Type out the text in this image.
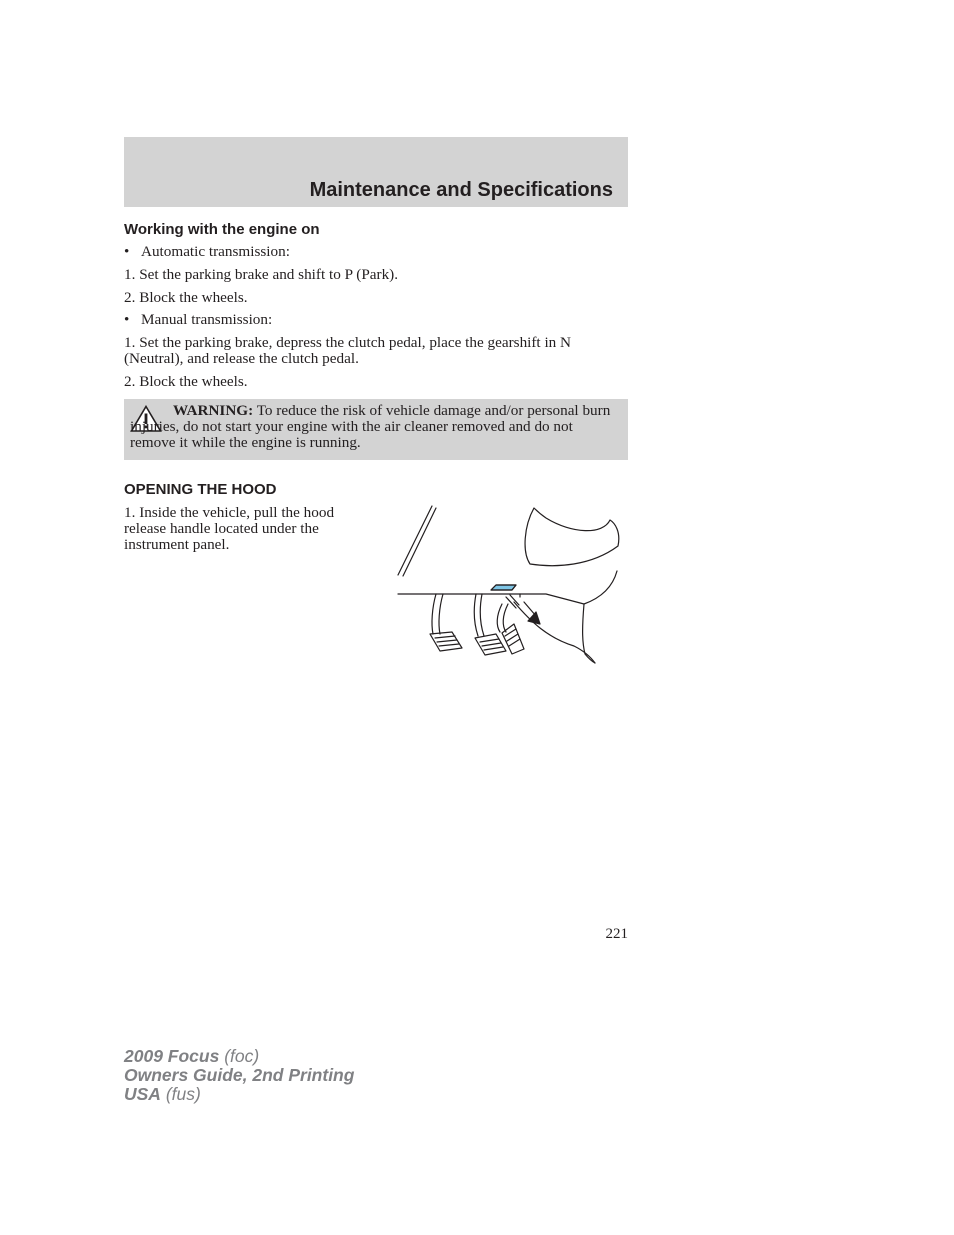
Maintenance and Specifications
Working with the engine on
• Automatic transmission:
1. Set the parking brake and shift to P (Park).
2. Block the wheels.
• Manual transmission:
1. Set the parking brake, depress the clutch pedal, place the gearshift in N (Neutral), and release the clutch pedal.
2. Block the wheels.
WARNING: To reduce the risk of vehicle damage and/or personal burn injuries, do not start your engine with the air cleaner removed and do not remove it while the engine is running.
OPENING THE HOOD
1. Inside the vehicle, pull the hood release handle located under the instrument panel.
221
2009 Focus (foc)
Owners Guide, 2nd Printing
USA (fus)
